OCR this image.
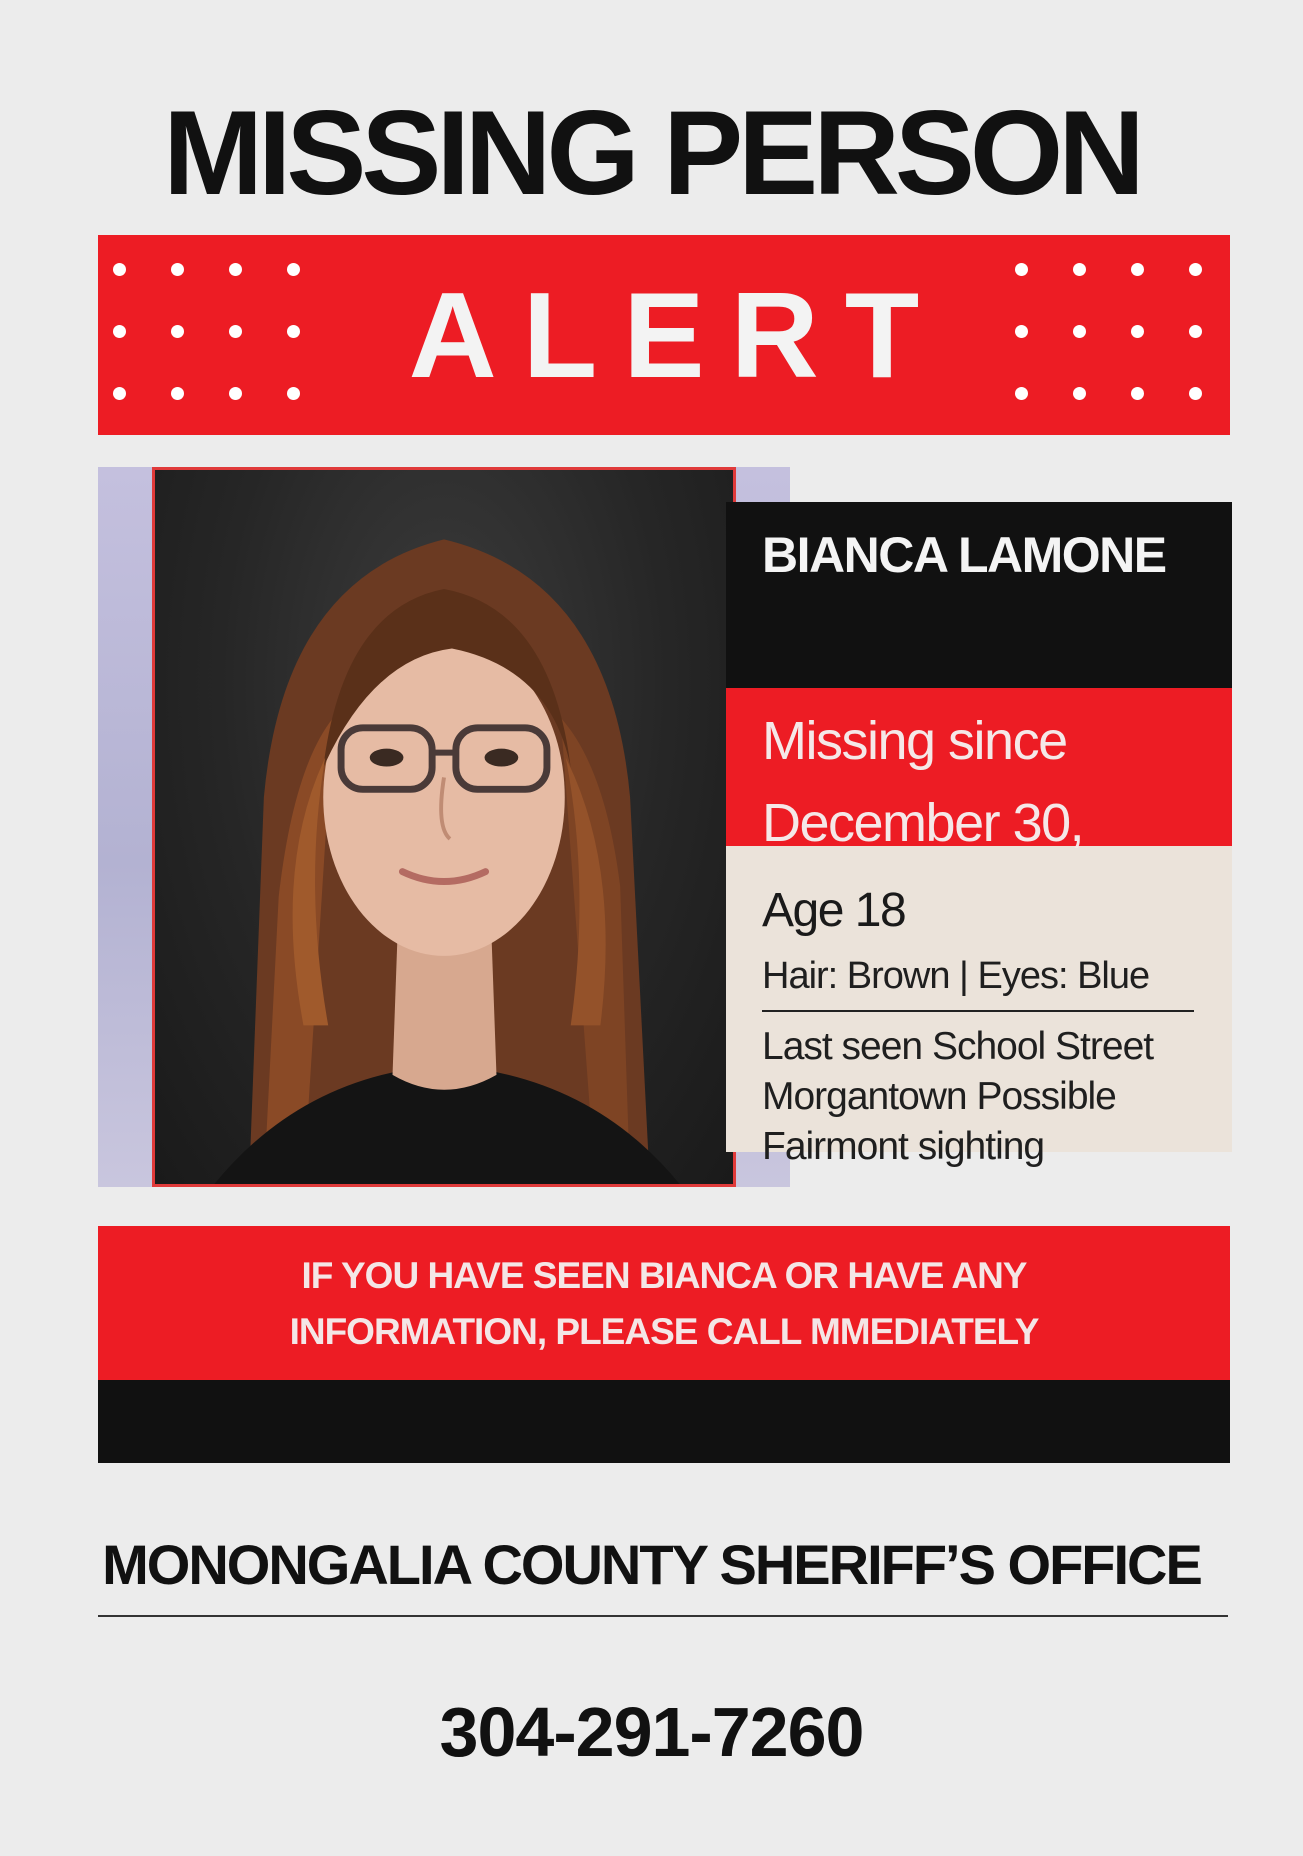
MISSING PERSON
ALERT
BIANCA LAMONE

Missing since December 30,

Age 18
Hair: Brown | Eyes: Blue

Last seen School Street Morgantown Possible Fairmont sighting

IF YOU HAVE SEEN BIANCA OR HAVE ANY
INFORMATION, PLEASE CALL MMEDIATELY

MONONGALIA COUNTY SHERIFF’S OFFICE
304-291-7260
